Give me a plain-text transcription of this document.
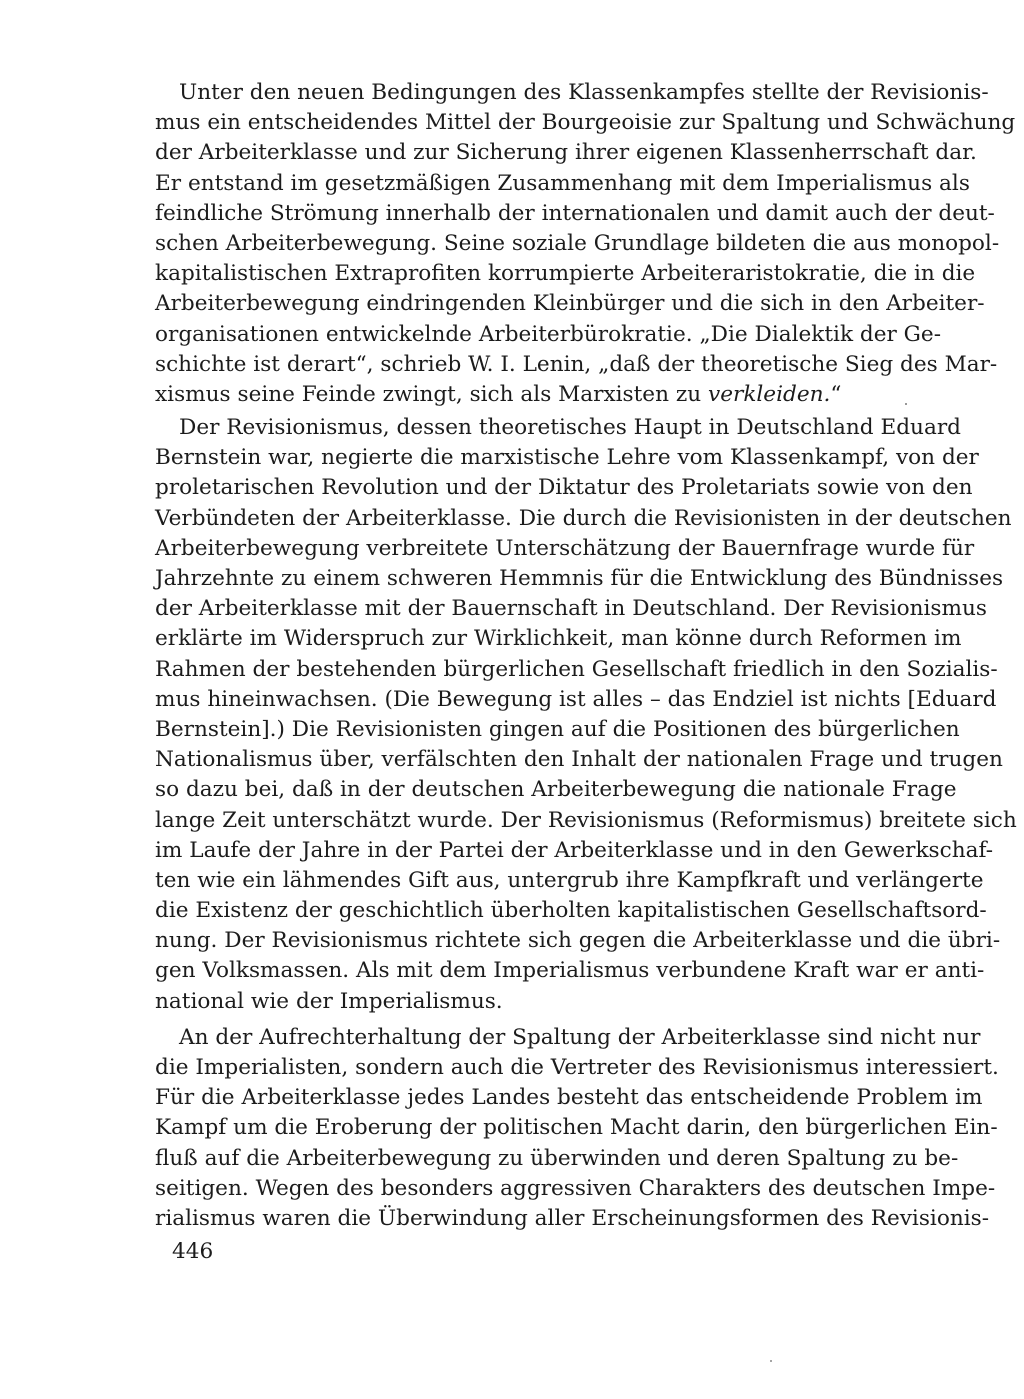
Unter den neuen Bedingungen des Klassenkampfes stellte der Revisionis-
mus ein entscheidendes Mittel der Bourgeoisie zur Spaltung und Schwächung
der Arbeiterklasse und zur Sicherung ihrer eigenen Klassenherrschaft dar.
Er entstand im gesetzmäßigen Zusammenhang mit dem Imperialismus als
feindliche Strömung innerhalb der internationalen und damit auch der deut-
schen Arbeiterbewegung. Seine soziale Grundlage bildeten die aus monopol-
kapitalistischen Extraprofiten korrumpierte Arbeiteraristokratie, die in die
Arbeiterbewegung eindringenden Kleinbürger und die sich in den Arbeiter-
organisationen entwickelnde Arbeiterbürokratie. „Die Dialektik der Ge-
schichte ist derart“, schrieb W. I. Lenin, „daß der theoretische Sieg des Mar-
xismus seine Feinde zwingt, sich als Marxisten zu verkleiden.“
Der Revisionismus, dessen theoretisches Haupt in Deutschland Eduard
Bernstein war, negierte die marxistische Lehre vom Klassenkampf, von der
proletarischen Revolution und der Diktatur des Proletariats sowie von den
Verbündeten der Arbeiterklasse. Die durch die Revisionisten in der deutschen
Arbeiterbewegung verbreitete Unterschätzung der Bauernfrage wurde für
Jahrzehnte zu einem schweren Hemmnis für die Entwicklung des Bündnisses
der Arbeiterklasse mit der Bauernschaft in Deutschland. Der Revisionismus
erklärte im Widerspruch zur Wirklichkeit, man könne durch Reformen im
Rahmen der bestehenden bürgerlichen Gesellschaft friedlich in den Sozialis-
mus hineinwachsen. (Die Bewegung ist alles – das Endziel ist nichts [Eduard
Bernstein].) Die Revisionisten gingen auf die Positionen des bürgerlichen
Nationalismus über, verfälschten den Inhalt der nationalen Frage und trugen
so dazu bei, daß in der deutschen Arbeiterbewegung die nationale Frage
lange Zeit unterschätzt wurde. Der Revisionismus (Reformismus) breitete sich
im Laufe der Jahre in der Partei der Arbeiterklasse und in den Gewerkschaf-
ten wie ein lähmendes Gift aus, untergrub ihre Kampfkraft und verlängerte
die Existenz der geschichtlich überholten kapitalistischen Gesellschaftsord-
nung. Der Revisionismus richtete sich gegen die Arbeiterklasse und die übri-
gen Volksmassen. Als mit dem Imperialismus verbundene Kraft war er anti-
national wie der Imperialismus.
An der Aufrechterhaltung der Spaltung der Arbeiterklasse sind nicht nur
die Imperialisten, sondern auch die Vertreter des Revisionismus interessiert.
Für die Arbeiterklasse jedes Landes besteht das entscheidende Problem im
Kampf um die Eroberung der politischen Macht darin, den bürgerlichen Ein-
fluß auf die Arbeiterbewegung zu überwinden und deren Spaltung zu be-
seitigen. Wegen des besonders aggressiven Charakters des deutschen Impe-
rialismus waren die Überwindung aller Erscheinungsformen des Revisionis-
446
